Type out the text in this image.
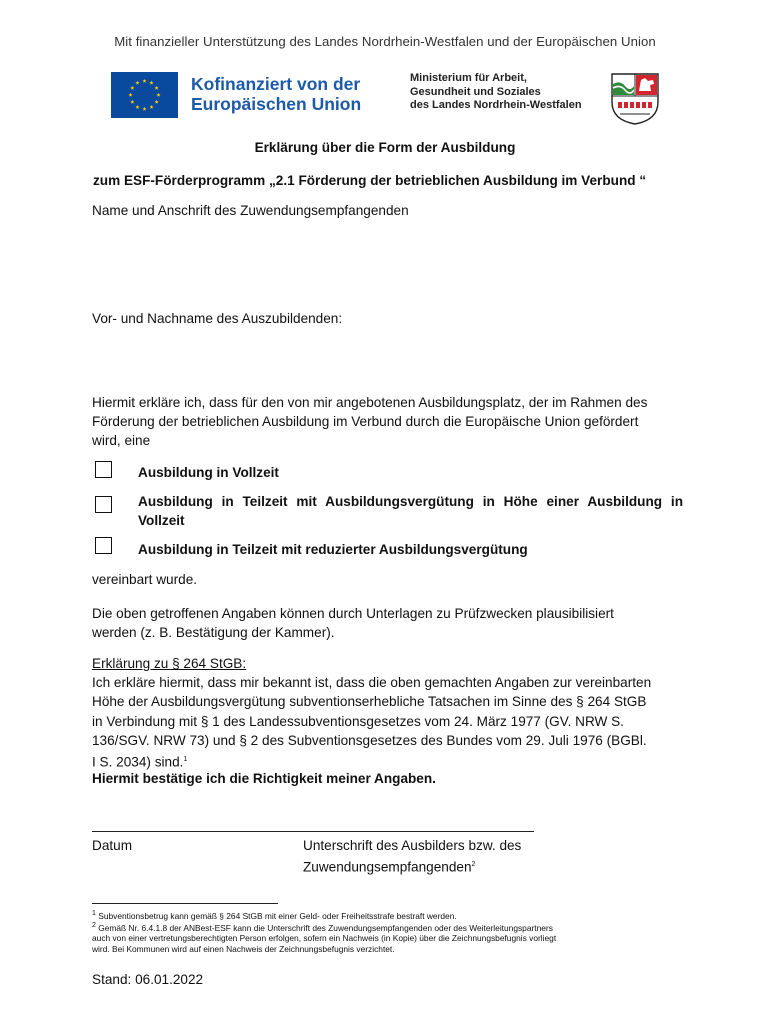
Mit finanzieller Unterstützung des Landes Nordrhein-Westfalen und der Europäischen Union
Kofinanziert von der
Europäischen Union
Ministerium für Arbeit,
Gesundheit und Soziales
des Landes Nordrhein-Westfalen
Erklärung über die Form der Ausbildung
zum ESF-Förderprogramm „2.1 Förderung der betrieblichen Ausbildung im Verbund “
Name und Anschrift des Zuwendungsempfangenden
Vor- und Nachname des Auszubildenden:
Hiermit erkläre ich, dass für den von mir angebotenen Ausbildungsplatz, der im Rahmen des
Förderung der betrieblichen Ausbildung im Verbund durch die Europäische Union gefördert
wird, eine
Ausbildung in Vollzeit
Ausbildung in Teilzeit mit Ausbildungsvergütung in Höhe einer Ausbildung in
Vollzeit
Ausbildung in Teilzeit mit reduzierter Ausbildungsvergütung
vereinbart wurde.
Die oben getroffenen Angaben können durch Unterlagen zu Prüfzwecken plausibilisiert
werden (z. B. Bestätigung der Kammer).
Erklärung zu § 264 StGB:
Ich erkläre hiermit, dass mir bekannt ist, dass die oben gemachten Angaben zur vereinbarten
Höhe der Ausbildungsvergütung subventionserhebliche Tatsachen im Sinne des § 264 StGB
in Verbindung mit § 1 des Landessubventionsgesetzes vom 24. März 1977 (GV. NRW S.
136/SGV. NRW 73) und § 2 des Subventionsgesetzes des Bundes vom 29. Juli 1976 (BGBl.
I S. 2034) sind.$^1$
Hiermit bestätige ich die Richtigkeit meiner Angaben.
Datum	Unterschrift des Ausbilders bzw. des
Zuwendungsempfangenden$^2$
$^1$ Subventionsbetrug kann gemäß § 264 StGB mit einer Geld- oder Freiheitsstrafe bestraft werden.
$^2$ Gemäß Nr. 6.4.1.8 der ANBest-ESF kann die Unterschrift des Zuwendungsempfangenden oder des Weiterleitungspartners
auch von einer vertretungsberechtigten Person erfolgen, sofern ein Nachweis (in Kopie) über die Zeichnungsbefugnis vorliegt
wird. Bei Kommunen wird auf einen Nachweis der Zeichnungsbefugnis verzichtet.
Stand: 06.01.2022
